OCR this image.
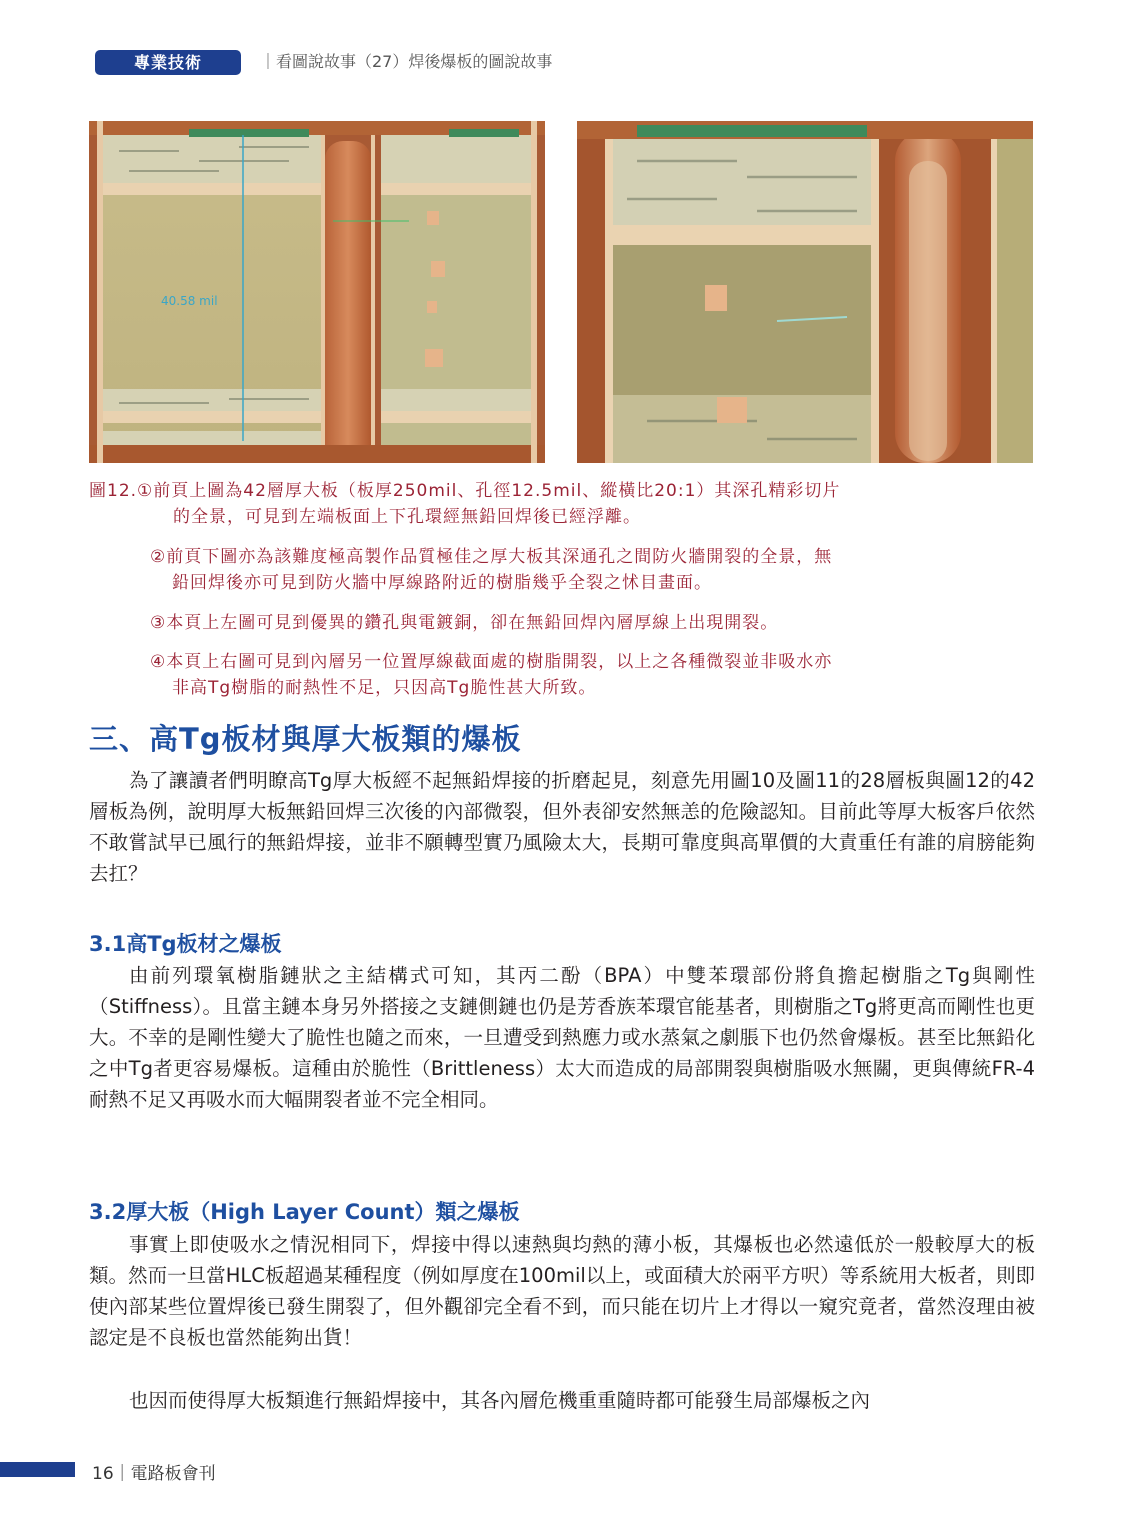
專業技術	｜看圖說故事（27）焊後爆板的圖說故事
40.58 mil
圖12.①前頁上圖為42層厚大板（板厚250mil、孔徑12.5mil、縱橫比20:1）其深孔精彩切片
的全景，可見到左端板面上下孔環經無鉛回焊後已經浮離。
②前頁下圖亦為該難度極高製作品質極佳之厚大板其深通孔之間防火牆開裂的全景，無
鉛回焊後亦可見到防火牆中厚線路附近的樹脂幾乎全裂之怵目畫面。
③本頁上左圖可見到優異的鑽孔與電鍍銅，卻在無鉛回焊內層厚線上出現開裂。
④本頁上右圖可見到內層另一位置厚線截面處的樹脂開裂，以上之各種微裂並非吸水亦
非高Tg樹脂的耐熱性不足，只因高Tg脆性甚大所致。
三、高Tg板材與厚大板類的爆板

為了讓讀者們明瞭高Tg厚大板經不起無鉛焊接的折磨起見，刻意先用圖10及圖11的28層板與圖12的42層板為例，說明厚大板無鉛回焊三次後的內部微裂，但外表卻安然無恙的危險認知。目前此等厚大板客戶依然不敢嘗試早已風行的無鉛焊接，並非不願轉型實乃風險太大，長期可靠度與高單價的大責重任有誰的肩膀能夠去扛？

3.1高Tg板材之爆板

由前列環氧樹脂鏈狀之主結構式可知，其丙二酚（BPA）中雙苯環部份將負擔起樹脂之Tg與剛性（Stiffness）。且當主鏈本身另外搭接之支鏈側鏈也仍是芳香族苯環官能基者，則樹脂之Tg將更高而剛性也更大。不幸的是剛性變大了脆性也隨之而來，一旦遭受到熱應力或水蒸氣之劇脹下也仍然會爆板。甚至比無鉛化之中Tg者更容易爆板。這種由於脆性（Brittleness）太大而造成的局部開裂與樹脂吸水無關，更與傳統FR-4耐熱不足又再吸水而大幅開裂者並不完全相同。

3.2厚大板（High Layer Count）類之爆板

事實上即使吸水之情況相同下，焊接中得以速熱與均熱的薄小板，其爆板也必然遠低於一般較厚大的板類。然而一旦當HLC板超過某種程度（例如厚度在100mil以上，或面積大於兩平方呎）等系統用大板者，則即使內部某些位置焊後已發生開裂了，但外觀卻完全看不到，而只能在切片上才得以一窺究竟者，當然沒理由被認定是不良板也當然能夠出貨！

也因而使得厚大板類進行無鉛焊接中，其各內層危機重重隨時都可能發生局部爆板之內

16｜電路板會刊
